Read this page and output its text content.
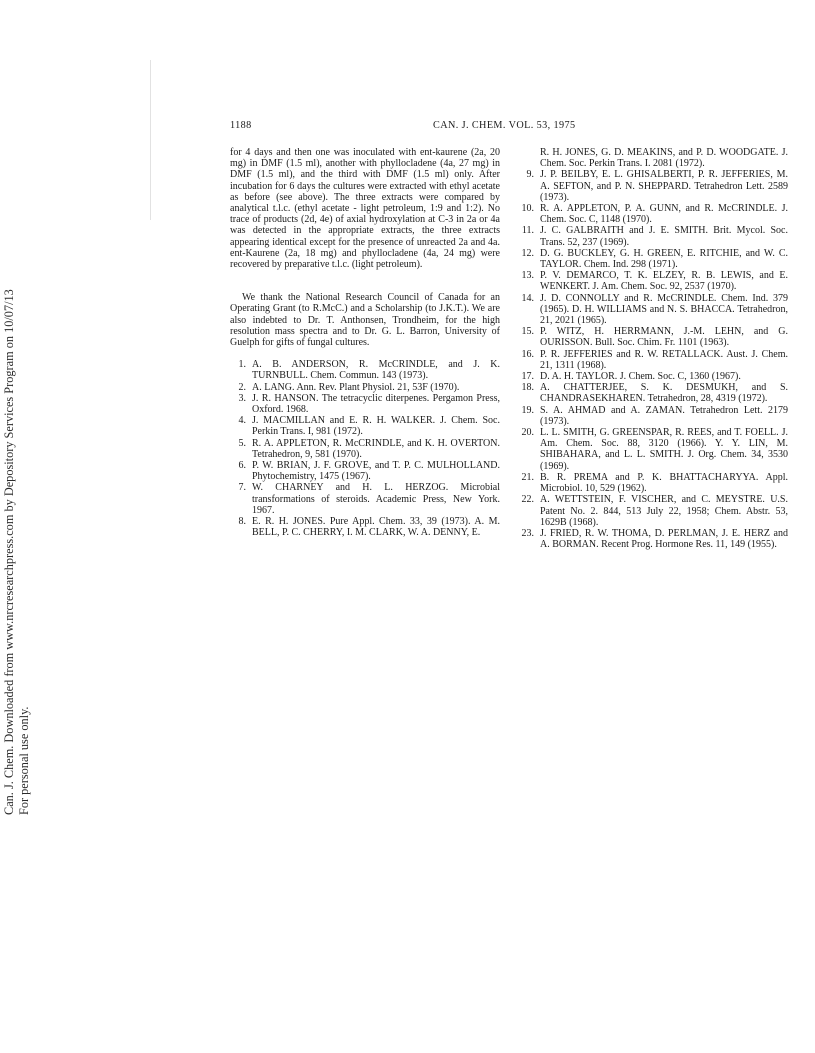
Can. J. Chem. Downloaded from www.nrcresearchpress.com by Depository Services Program on 10/07/13 For personal use only.
1188	CAN. J. CHEM. VOL. 53, 1975

for 4 days and then one was inoculated with ent-kaurene (2a, 20 mg) in DMF (1.5 ml), another with phyllocladene (4a, 27 mg) in DMF (1.5 ml), and the third with DMF (1.5 ml) only. After incubation for 6 days the cultures were extracted with ethyl acetate as before (see above). The three extracts were compared by analytical t.l.c. (ethyl acetate - light petroleum, 1:9 and 1:2). No trace of products (2d, 4e) of axial hydroxylation at C-3 in 2a or 4a was detected in the appropriate extracts, the three extracts appearing identical except for the presence of unreacted 2a and 4a. ent-Kaurene (2a, 18 mg) and phyllocladene (4a, 24 mg) were recovered by preparative t.l.c. (light petroleum).

We thank the National Research Council of Canada for an Operating Grant (to R.McC.) and a Scholarship (to J.K.T.). We are also indebted to Dr. T. Anthonsen, Trondheim, for the high resolution mass spectra and to Dr. G. L. Barron, University of Guelph for gifts of fungal cultures.

1. A. B. ANDERSON, R. McCRINDLE, and J. K. TURNBULL. Chem. Commun. 143 (1973).
2. A. LANG. Ann. Rev. Plant Physiol. 21, 53F (1970).
3. J. R. HANSON. The tetracyclic diterpenes. Pergamon Press, Oxford. 1968.
4. J. MACMILLAN and E. R. H. WALKER. J. Chem. Soc. Perkin Trans. I, 981 (1972).
5. R. A. APPLETON, R. McCRINDLE, and K. H. OVERTON. Tetrahedron, 9, 581 (1970).
6. P. W. BRIAN, J. F. GROVE, and T. P. C. MULHOLLAND. Phytochemistry, 1475 (1967).
7. W. CHARNEY and H. L. HERZOG. Microbial transformations of steroids. Academic Press, New York. 1967.
8. E. R. H. JONES. Pure Appl. Chem. 33, 39 (1973). A. M. BELL, P. C. CHERRY, I. M. CLARK, W. A. DENNY, E.

R. H. JONES, G. D. MEAKINS, and P. D. WOODGATE. J. Chem. Soc. Perkin Trans. I. 2081 (1972).

9. J. P. BEILBY, E. L. GHISALBERTI, P. R. JEFFERIES, M. A. SEFTON, and P. N. SHEPPARD. Tetrahedron Lett. 2589 (1973).
10. R. A. APPLETON, P. A. GUNN, and R. McCRINDLE. J. Chem. Soc. C, 1148 (1970).
11. J. C. GALBRAITH and J. E. SMITH. Brit. Mycol. Soc. Trans. 52, 237 (1969).
12. D. G. BUCKLEY, G. H. GREEN, E. RITCHIE, and W. C. TAYLOR. Chem. Ind. 298 (1971).
13. P. V. DEMARCO, T. K. ELZEY, R. B. LEWIS, and E. WENKERT. J. Am. Chem. Soc. 92, 2537 (1970).
14. J. D. CONNOLLY and R. McCRINDLE. Chem. Ind. 379 (1965). D. H. WILLIAMS and N. S. BHACCA. Tetrahedron, 21, 2021 (1965).
15. P. WITZ, H. HERRMANN, J.-M. LEHN, and G. OURISSON. Bull. Soc. Chim. Fr. 1101 (1963).
16. P. R. JEFFERIES and R. W. RETALLACK. Aust. J. Chem. 21, 1311 (1968).
17. D. A. H. TAYLOR. J. Chem. Soc. C, 1360 (1967).
18. A. CHATTERJEE, S. K. DESMUKH, and S. CHANDRASEKHAREN. Tetrahedron, 28, 4319 (1972).
19. S. A. AHMAD and A. ZAMAN. Tetrahedron Lett. 2179 (1973).
20. L. L. SMITH, G. GREENSPAR, R. REES, and T. FOELL. J. Am. Chem. Soc. 88, 3120 (1966). Y. Y. LIN, M. SHIBAHARA, and L. L. SMITH. J. Org. Chem. 34, 3530 (1969).
21. B. R. PREMA and P. K. BHATTACHARYYA. Appl. Microbiol. 10, 529 (1962).
22. A. WETTSTEIN, F. VISCHER, and C. MEYSTRE. U.S. Patent No. 2. 844, 513 July 22, 1958; Chem. Abstr. 53, 1629B (1968).
23. J. FRIED, R. W. THOMA, D. PERLMAN, J. E. HERZ and A. BORMAN. Recent Prog. Hormone Res. 11, 149 (1955).
